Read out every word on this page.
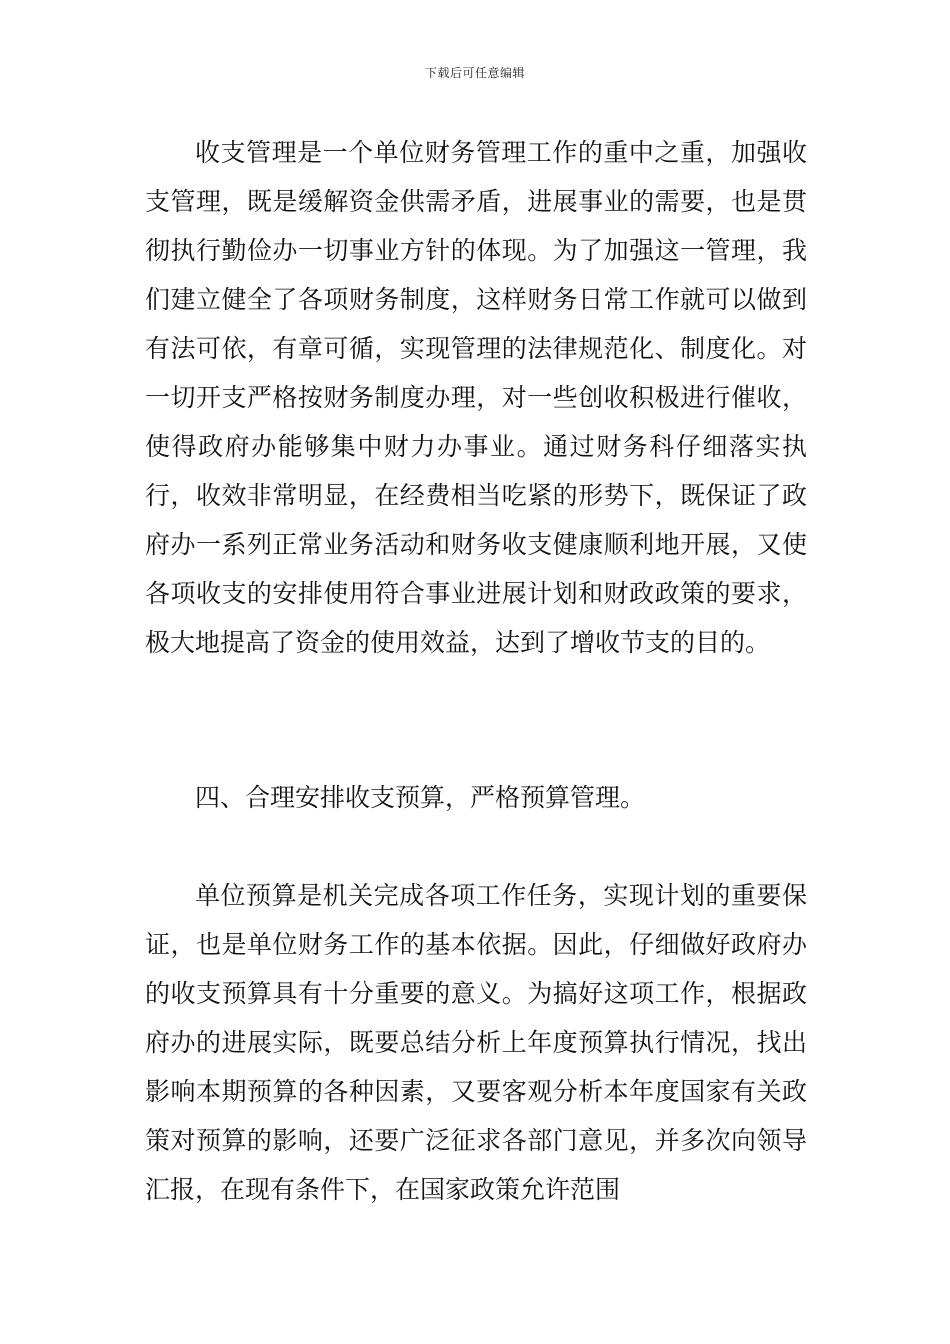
下载后可任意编辑

收支管理是一个单位财务管理工作的重中之重，加强收支管理，既是缓解资金供需矛盾，进展事业的需要，也是贯彻执行勤俭办一切事业方针的体现。为了加强这一管理，我们建立健全了各项财务制度，这样财务日常工作就可以做到有法可依，有章可循，实现管理的法律规范化、制度化。对一切开支严格按财务制度办理，对一些创收积极进行催收，使得政府办能够集中财力办事业。通过财务科仔细落实执行，收效非常明显，在经费相当吃紧的形势下，既保证了政府办一系列正常业务活动和财务收支健康顺利地开展，又使各项收支的安排使用符合事业进展计划和财政政策的要求，极大地提高了资金的使用效益，达到了增收节支的目的。

四、合理安排收支预算，严格预算管理。

单位预算是机关完成各项工作任务，实现计划的重要保证，也是单位财务工作的基本依据。因此，仔细做好政府办的收支预算具有十分重要的意义。为搞好这项工作，根据政府办的进展实际，既要总结分析上年度预算执行情况，找出影响本期预算的各种因素，又要客观分析本年度国家有关政策对预算的影响，还要广泛征求各部门意见，并多次向领导汇报，在现有条件下，在国家政策允许范围
